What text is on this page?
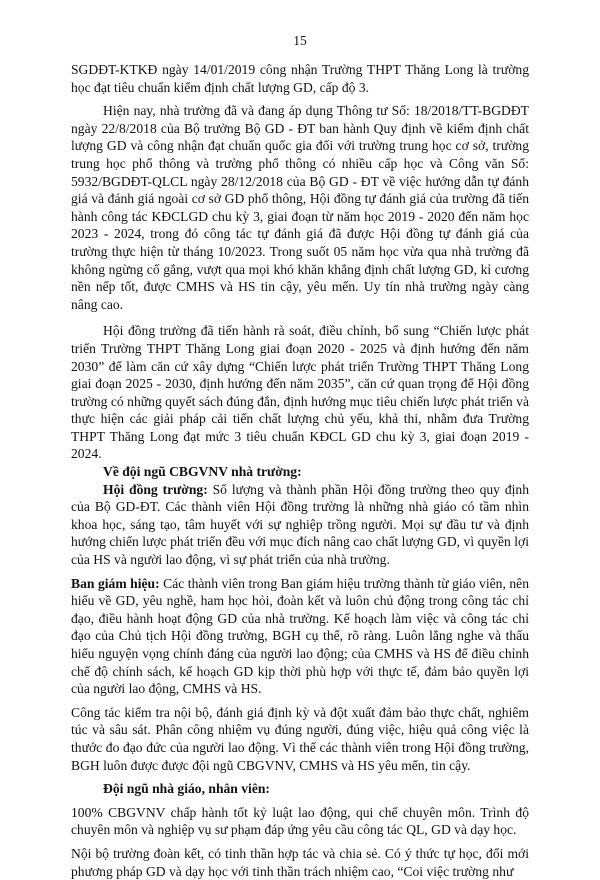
15

SGDĐT-KTKĐ ngày 14/01/2019 công nhận Trường THPT Thăng Long là trường học đạt tiêu chuẩn kiểm định chất lượng GD, cấp độ 3.

Hiện nay, nhà trường đã và đang áp dụng Thông tư Số: 18/2018/TT-BGDĐT ngày 22/8/2018 của Bộ trưởng Bộ GD - ĐT ban hành Quy định về kiểm định chất lượng GD và công nhận đạt chuẩn quốc gia đối với trường trung học cơ sở, trường trung học phổ thông và trường phổ thông có nhiều cấp học và Công văn Số: 5932/BGDĐT-QLCL ngày 28/12/2018 của Bộ GD - ĐT về việc hướng dẫn tự đánh giá và đánh giá ngoài cơ sở GD phổ thông, Hội đồng tự đánh giá của trường đã tiến hành công tác KĐCLGD chu kỳ 3, giai đoạn từ năm học 2019 - 2020 đến năm học 2023 - 2024, trong đó công tác tự đánh giá đã được Hội đồng tự đánh giá của trường thực hiện từ tháng 10/2023. Trong suốt 05 năm học vừa qua nhà trường đã không ngừng cố gắng, vượt qua mọi khó khăn khẳng định chất lượng GD, kỉ cương nền nếp tốt, được CMHS và HS tin cậy, yêu mến. Uy tín nhà trường ngày càng nâng cao.

Hội đồng trường đã tiến hành rà soát, điều chỉnh, bổ sung “Chiến lược phát triển Trường THPT Thăng Long giai đoạn 2020 - 2025 và định hướng đến năm 2030” để làm căn cứ xây dựng “Chiến lược phát triển Trường THPT Thăng Long giai đoạn 2025 - 2030, định hướng đến năm 2035”, căn cứ quan trọng để Hội đồng trường có những quyết sách đúng đắn, định hướng mục tiêu chiến lược phát triển và thực hiện các giải pháp cải tiến chất lượng chủ yếu, khả thi, nhằm đưa Trường THPT Thăng Long đạt mức 3 tiêu chuẩn KĐCL GD chu kỳ 3, giai đoạn 2019 - 2024.

Về đội ngũ CBGVNV nhà trường:

Hội đồng trường: Số lượng và thành phần Hội đồng trường theo quy định của Bộ GD-ĐT. Các thành viên Hội đồng trường là những nhà giáo có tầm nhìn khoa học, sáng tạo, tâm huyết với sự nghiệp trồng người. Mọi sự đầu tư và định hướng chiến lược phát triển đều với mục đích nâng cao chất lượng GD, vì quyền lợi của HS và người lao động, vì sự phát triển của nhà trường.

Ban giám hiệu: Các thành viên trong Ban giám hiệu trường thành từ giáo viên, nên hiểu về GD, yêu nghề, ham học hỏi, đoàn kết và luôn chủ động trong công tác chỉ đạo, điều hành hoạt động GD của nhà trường. Kế hoạch làm việc và công tác chỉ đạo của Chủ tịch Hội đồng trường, BGH cụ thể, rõ ràng. Luôn lắng nghe và thấu hiểu nguyện vọng chính đáng của người lao động; của CMHS và HS để điều chỉnh chế độ chính sách, kế hoạch GD kịp thời phù hợp với thực tế, đảm bảo quyền lợi của người lao động, CMHS và HS.

Công tác kiểm tra nội bộ, đánh giá định kỳ và đột xuất đảm bảo thực chất, nghiêm túc và sâu sát. Phân công nhiệm vụ đúng người, đúng việc, hiệu quả công việc là thước đo đạo đức của người lao động. Vì thế các thành viên trong Hội đồng trường, BGH luôn được được đội ngũ CBGVNV, CMHS và HS yêu mến, tin cậy.

Đội ngũ nhà giáo, nhân viên:

100% CBGVNV chấp hành tốt kỷ luật lao động, qui chế chuyên môn. Trình độ chuyên môn và nghiệp vụ sư phạm đáp ứng yêu cầu công tác QL, GD và dạy học.

Nội bộ trường đoàn kết, có tinh thần hợp tác và chia sẻ. Có ý thức tự học, đổi mới phương pháp GD và dạy học với tinh thần trách nhiệm cao, “Coi việc trường như
